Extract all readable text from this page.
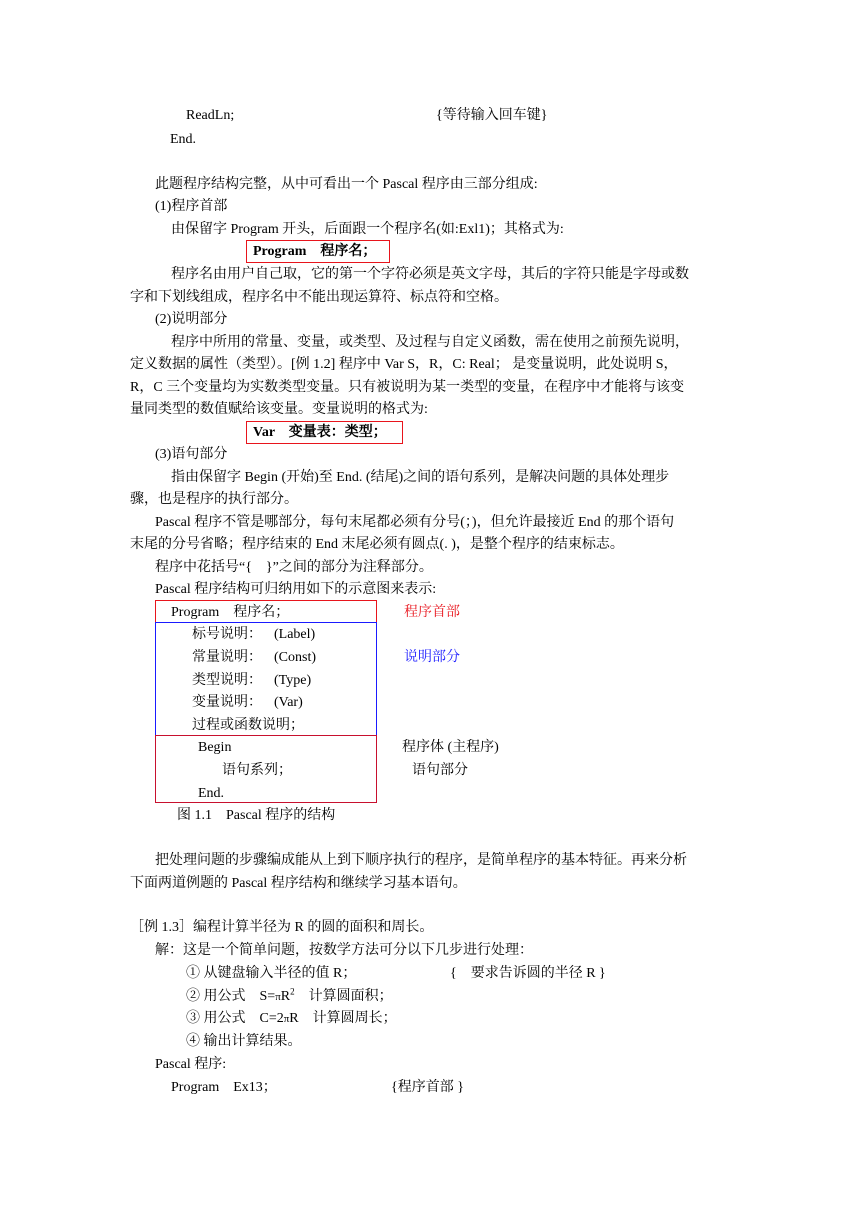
ReadLn;	{等待输入回车键}
End.
此题程序结构完整，从中可看出一个 Pascal 程序由三部分组成:
(1)程序首部
由保留字 Program 开头，后面跟一个程序名(如:Exl1)；其格式为:
Program　程序名；
程序名由用户自己取，它的第一个字符必须是英文字母，其后的字符只能是字母或数
字和下划线组成，程序名中不能出现运算符、标点符和空格。
(2)说明部分
程序中所用的常量、变量，或类型、及过程与自定义函数，需在使用之前预先说明，
定义数据的属性（类型）。[例 1.2] 程序中 Var S，R，C: Real； 是变量说明，此处说明 S，
R，C 三个变量均为实数类型变量。只有被说明为某一类型的变量，在程序中才能将与该变
量同类型的数值赋给该变量。变量说明的格式为:
Var　变量表：类型；
(3)语句部分
指由保留字 Begin (开始)至 End. (结尾)之间的语句系列，是解决问题的具体处理步
骤，也是程序的执行部分。
Pascal 程序不管是哪部分，每句末尾都必须有分号(；)，但允许最接近 End 的那个语句
末尾的分号省略；程序结束的 End 末尾必须有圆点(. )，是整个程序的结束标志。
程序中花括号“{　}”之间的部分为注释部分。
Pascal 程序结构可归纳用如下的示意图来表示:
Program　程序名；
标号说明： (Label)
常量说明： (Const)
类型说明： (Type)
变量说明： (Var)
过程或函数说明；
Begin
语句系列；
End.
程序首部
说明部分
程序体 (主程序)
语句部分
图 1.1　Pascal 程序的结构
把处理问题的步骤编成能从上到下顺序执行的程序，是简单程序的基本特征。再来分析
下面两道例题的 Pascal 程序结构和继续学习基本语句。
［例 1.3］编程计算半径为 R 的圆的面积和周长。
解：这是一个简单问题，按数学方法可分以下几步进行处理：
① 从键盘输入半径的值 R；	{　要求告诉圆的半径 R }
② 用公式　$S=\pi R^2$　计算圆面积；
③ 用公式　C=2πR　计算圆周长；
④ 输出计算结果。
Pascal 程序:
Program　Ex13；	{程序首部 }
